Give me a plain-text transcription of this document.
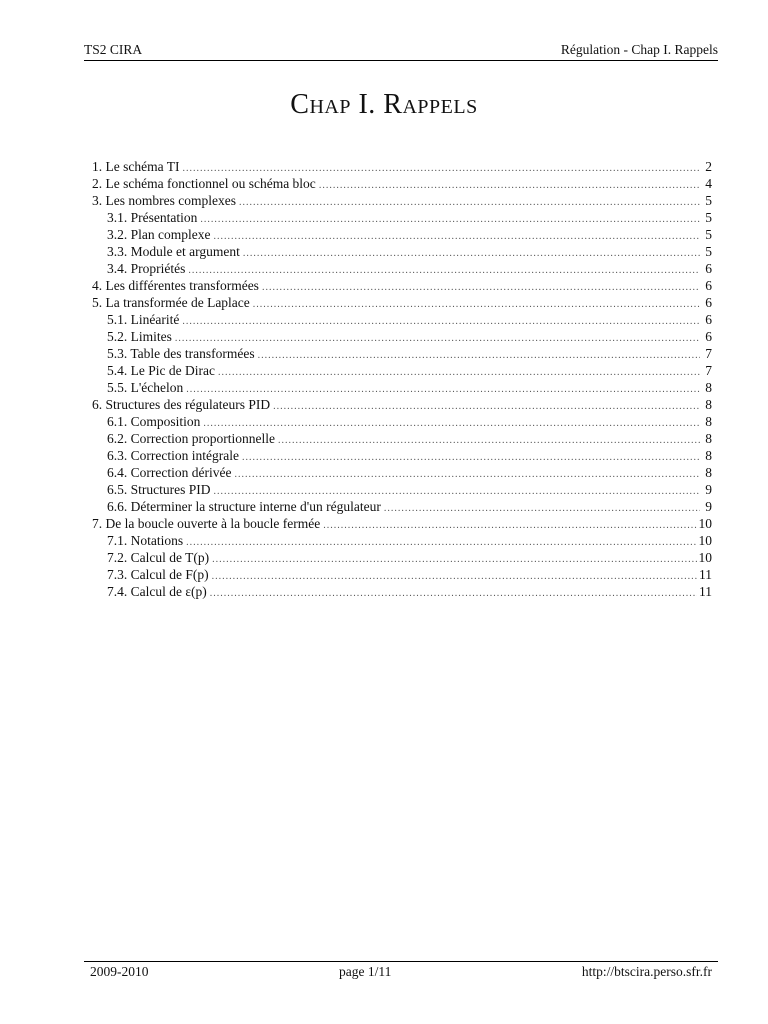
TS2 CIRA	Régulation - Chap I. Rappels
Chap I. Rappels
1. Le schéma TI .....	2
2. Le schéma fonctionnel ou schéma bloc .....	4
3. Les nombres complexes .....	5
3.1. Présentation .....	5
3.2. Plan complexe .....	5
3.3. Module et argument .....	5
3.4. Propriétés .....	6
4. Les différentes transformées .....	6
5. La transformée de Laplace .....	6
5.1. Linéarité .....	6
5.2. Limites .....	6
5.3. Table des transformées .....	7
5.4. Le Pic de Dirac .....	7
5.5. L'échelon .....	8
6. Structures des régulateurs PID .....	8
6.1. Composition .....	8
6.2. Correction proportionnelle .....	8
6.3. Correction intégrale .....	8
6.4. Correction dérivée .....	8
6.5. Structures PID .....	9
6.6. Déterminer la structure interne d'un régulateur .....	9
7. De la boucle ouverte à la boucle fermée .....	10
7.1. Notations .....	10
7.2. Calcul de T(p) .....	10
7.3. Calcul de F(p) .....	11
7.4. Calcul de ε(p) .....	11
2009-2010	page 1/11	http://btscira.perso.sfr.fr
